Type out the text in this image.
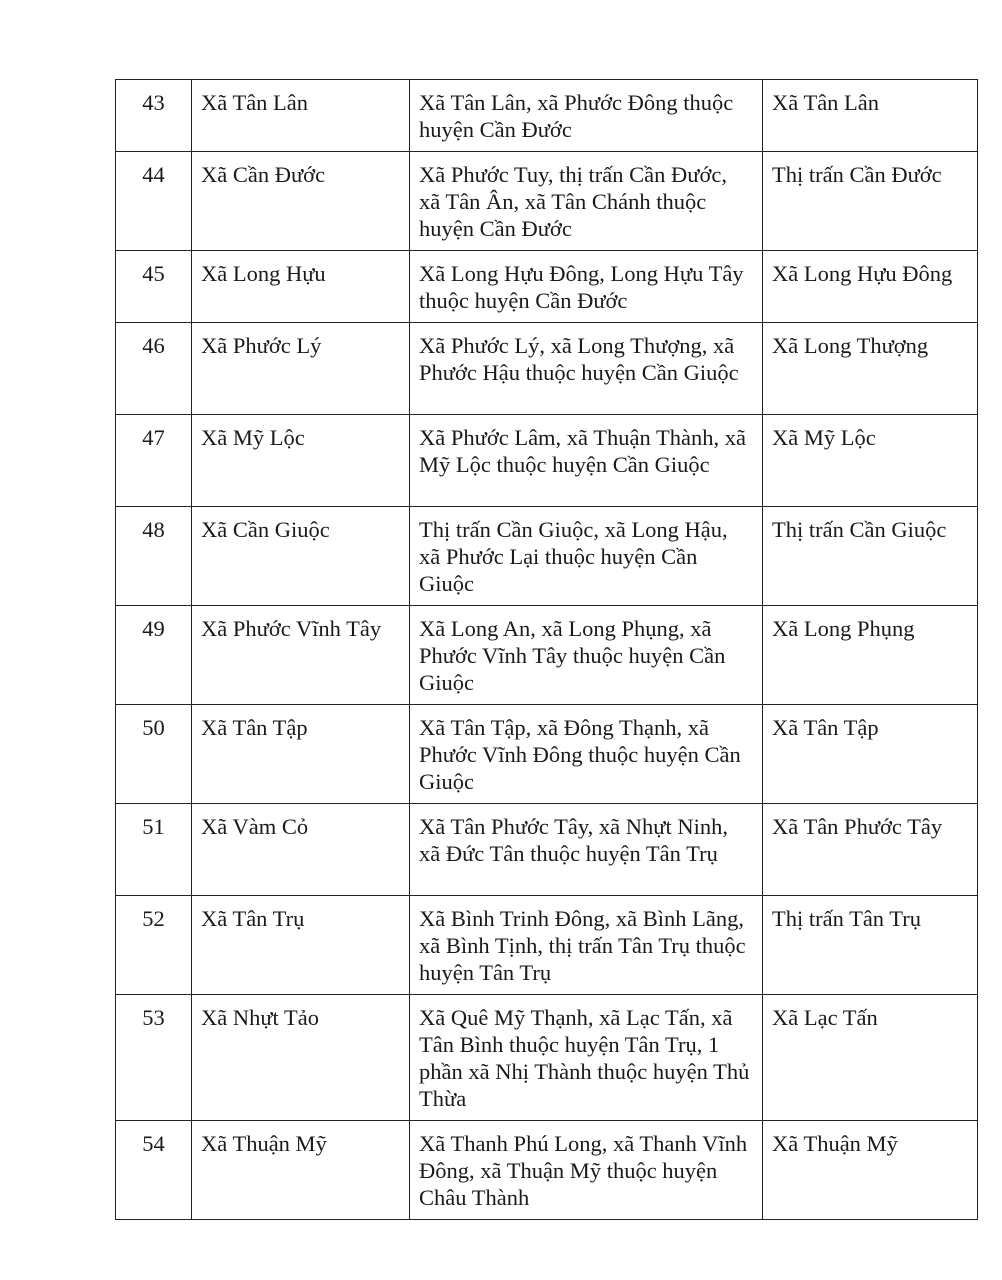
43	Xã Tân Lân	Xã Tân Lân, xã Phước Đông thuộc huyện Cần Đước	Xã Tân Lân
44	Xã Cần Đước	Xã Phước Tuy, thị trấn Cần Đước, xã Tân Ân, xã Tân Chánh thuộc huyện Cần Đước	Thị trấn Cần Đước
45	Xã Long Hựu	Xã Long Hựu Đông, Long Hựu Tây thuộc huyện Cần Đước	Xã Long Hựu Đông
46	Xã Phước Lý	Xã Phước Lý, xã Long Thượng, xã Phước Hậu thuộc huyện Cần Giuộc	Xã Long Thượng
47	Xã Mỹ Lộc	Xã Phước Lâm, xã Thuận Thành, xã Mỹ Lộc thuộc huyện Cần Giuộc	Xã Mỹ Lộc
48	Xã Cần Giuộc	Thị trấn Cần Giuộc, xã Long Hậu, xã Phước Lại thuộc huyện Cần Giuộc	Thị trấn Cần Giuộc
49	Xã Phước Vĩnh Tây	Xã Long An, xã Long Phụng, xã Phước Vĩnh Tây thuộc huyện Cần Giuộc	Xã Long Phụng
50	Xã Tân Tập	Xã Tân Tập, xã Đông Thạnh, xã Phước Vĩnh Đông thuộc huyện Cần Giuộc	Xã Tân Tập
51	Xã Vàm Cỏ	Xã Tân Phước Tây, xã Nhựt Ninh, xã Đức Tân thuộc huyện Tân Trụ	Xã Tân Phước Tây
52	Xã Tân Trụ	Xã Bình Trinh Đông, xã Bình Lãng, xã Bình Tịnh, thị trấn Tân Trụ thuộc huyện Tân Trụ	Thị trấn Tân Trụ
53	Xã Nhựt Tảo	Xã Quê Mỹ Thạnh, xã Lạc Tấn, xã Tân Bình thuộc huyện Tân Trụ, 1 phần xã Nhị Thành thuộc huyện Thủ Thừa	Xã Lạc Tấn
54	Xã Thuận Mỹ	Xã Thanh Phú Long, xã Thanh Vĩnh Đông, xã Thuận Mỹ thuộc huyện Châu Thành	Xã Thuận Mỹ
